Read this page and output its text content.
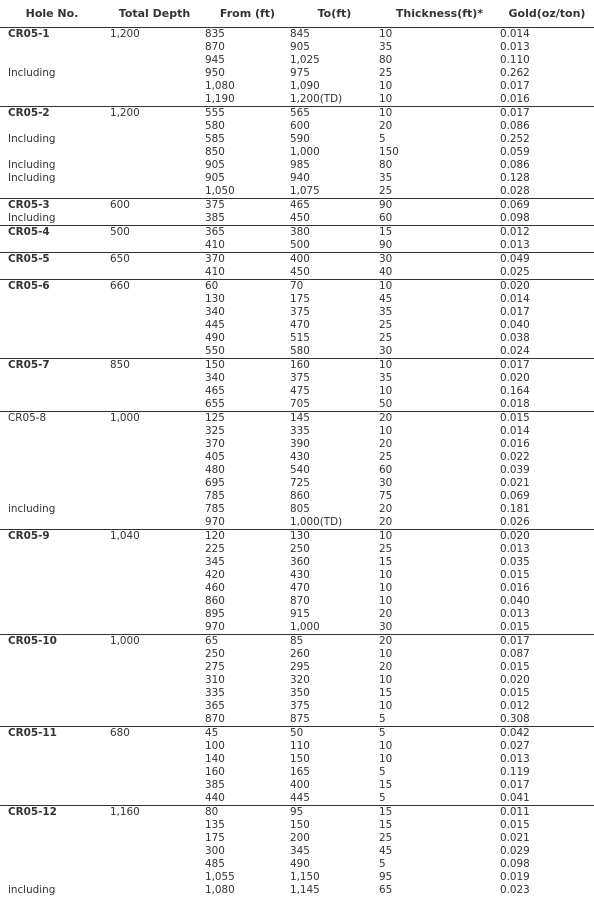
Hole No.	Total Depth	From (ft)	To(ft)	Thickness(ft)*	Gold(oz/ton)
CR05-1	1,200	835	845	10	0.014
		870	905	35	0.013
		945	1,025	80	0.110
Including		950	975	25	0.262
		1,080	1,090	10	0.017
		1,190	1,200(TD)	10	0.016
CR05-2	1,200	555	565	10	0.017
		580	600	20	0.086
Including		585	590	5	0.252
		850	1,000	150	0.059
Including		905	985	80	0.086
Including		905	940	35	0.128
		1,050	1,075	25	0.028
CR05-3	600	375	465	90	0.069
Including		385	450	60	0.098
CR05-4	500	365	380	15	0.012
		410	500	90	0.013
CR05-5	650	370	400	30	0.049
		410	450	40	0.025
CR05-6	660	60	70	10	0.020
		130	175	45	0.014
		340	375	35	0.017
		445	470	25	0.040
		490	515	25	0.038
		550	580	30	0.024
CR05-7	850	150	160	10	0.017
		340	375	35	0.020
		465	475	10	0.164
		655	705	50	0.018
CR05-8	1,000	125	145	20	0.015
		325	335	10	0.014
		370	390	20	0.016
		405	430	25	0.022
		480	540	60	0.039
		695	725	30	0.021
		785	860	75	0.069
including		785	805	20	0.181
		970	1,000(TD)	20	0.026
CR05-9	1,040	120	130	10	0.020
		225	250	25	0.013
		345	360	15	0.035
		420	430	10	0.015
		460	470	10	0.016
		860	870	10	0.040
		895	915	20	0.013
		970	1,000	30	0.015
CR05-10	1,000	65	85	20	0.017
		250	260	10	0.087
		275	295	20	0.015
		310	320	10	0.020
		335	350	15	0.015
		365	375	10	0.012
		870	875	5	0.308
CR05-11	680	45	50	5	0.042
		100	110	10	0.027
		140	150	10	0.013
		160	165	5	0.119
		385	400	15	0.017
		440	445	5	0.041
CR05-12	1,160	80	95	15	0.011
		135	150	15	0.015
		175	200	25	0.021
		300	345	45	0.029
		485	490	5	0.098
		1,055	1,150	95	0.019
including		1,080	1,145	65	0.023
